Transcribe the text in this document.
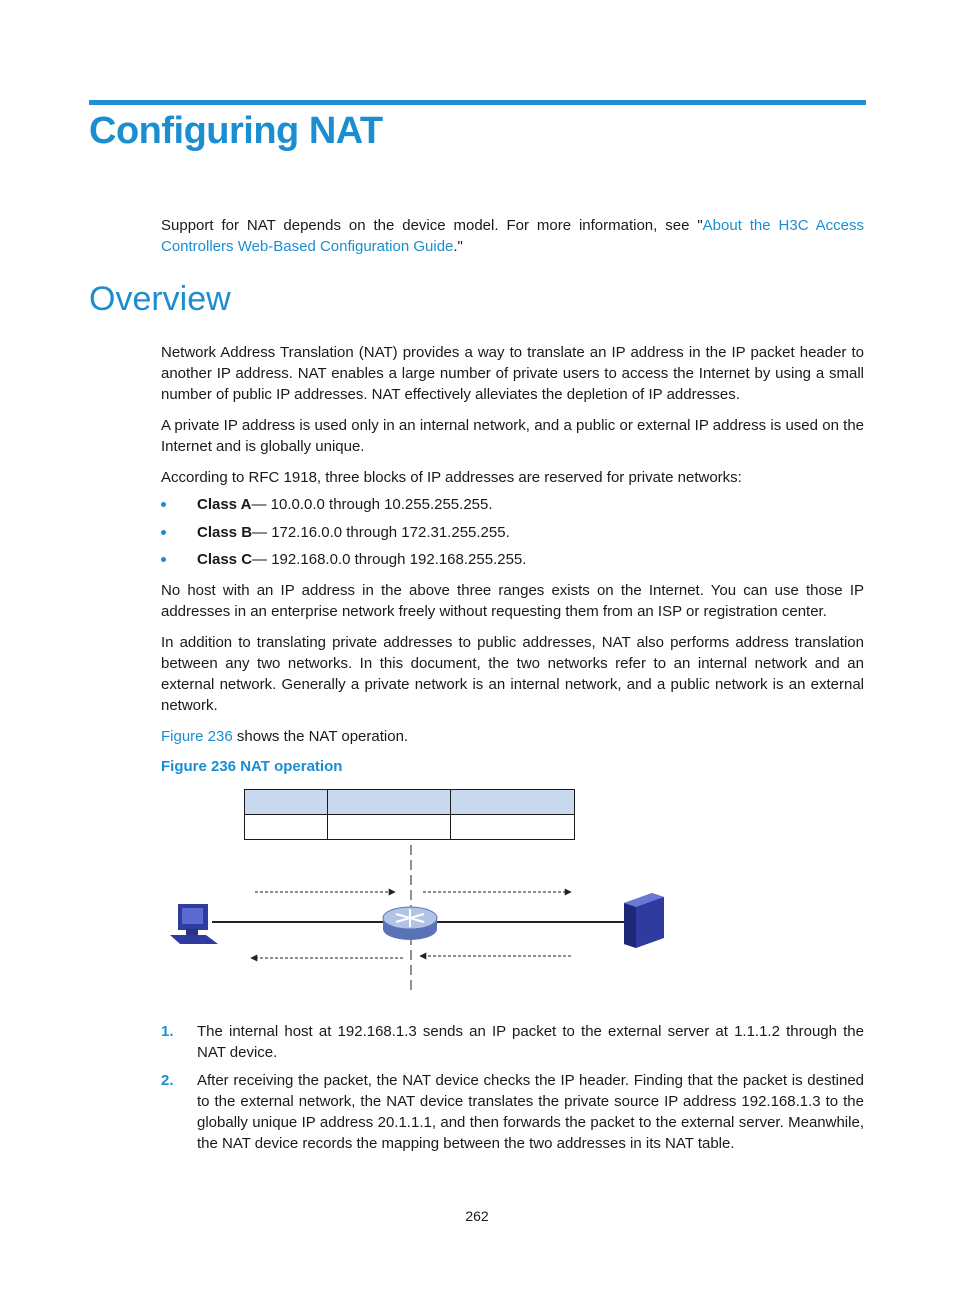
Configuring NAT

Support for NAT depends on the device model. For more information, see "About the H3C Access Controllers Web-Based Configuration Guide."

Overview

Network Address Translation (NAT) provides a way to translate an IP address in the IP packet header to another IP address. NAT enables a large number of private users to access the Internet by using a small number of public IP addresses. NAT effectively alleviates the depletion of IP addresses.

A private IP address is used only in an internal network, and a public or external IP address is used on the Internet and is globally unique.

According to RFC 1918, three blocks of IP addresses are reserved for private networks:

Class A— 10.0.0.0 through 10.255.255.255.
Class B— 172.16.0.0 through 172.31.255.255.
Class C— 192.168.0.0 through 192.168.255.255.

No host with an IP address in the above three ranges exists on the Internet. You can use those IP addresses in an enterprise network freely without requesting them from an ISP or registration center.

In addition to translating private addresses to public addresses, NAT also performs address translation between any two networks. In this document, the two networks refer to an internal network and an external network. Generally a private network is an internal network, and a public network is an external network.

Figure 236 shows the NAT operation.

Figure 236 NAT operation

1. The internal host at 192.168.1.3 sends an IP packet to the external server at 1.1.1.2 through the NAT device.

2. After receiving the packet, the NAT device checks the IP header. Finding that the packet is destined to the external network, the NAT device translates the private source IP address 192.168.1.3 to the globally unique IP address 20.1.1.1, and then forwards the packet to the external server. Meanwhile, the NAT device records the mapping between the two addresses in its NAT table.

262
